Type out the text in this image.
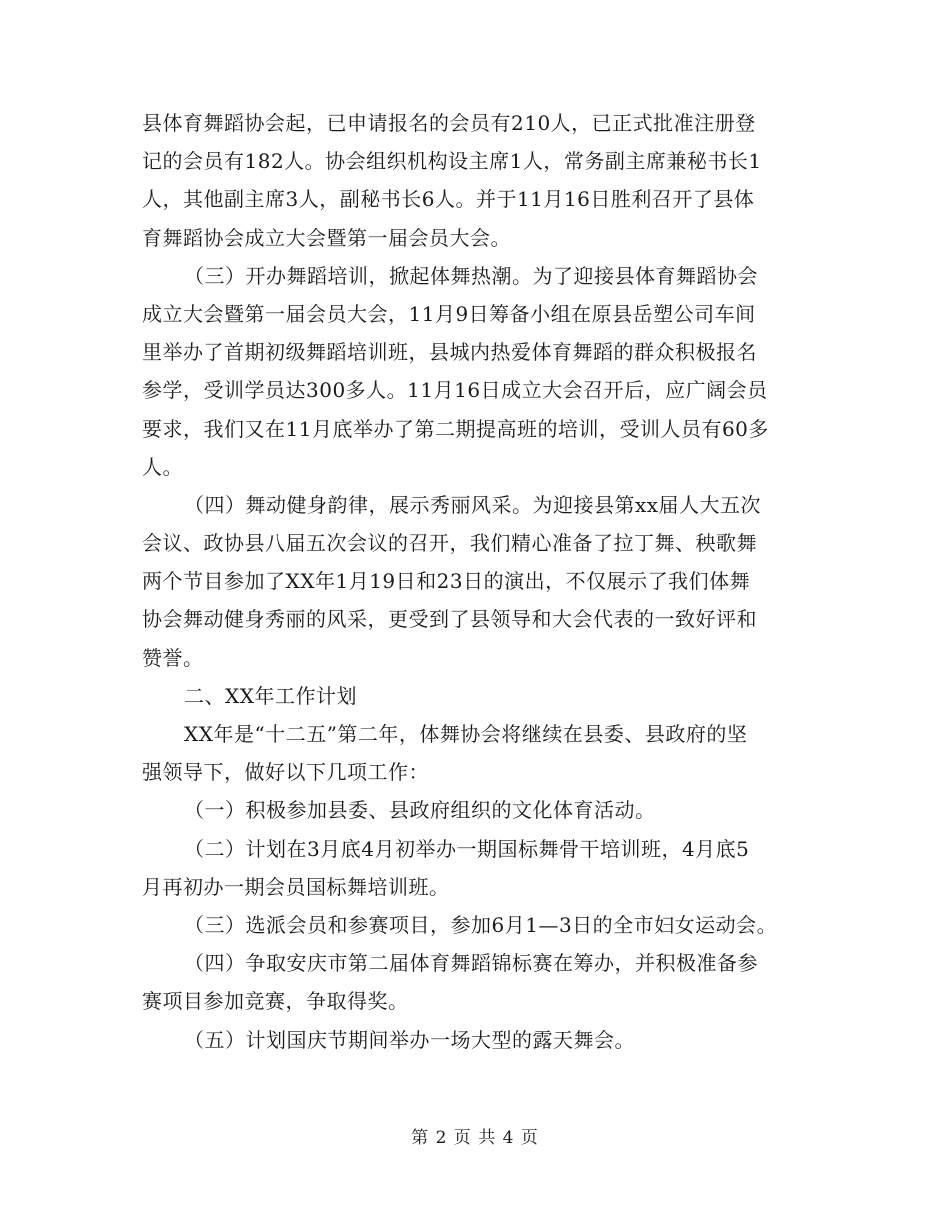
县体育舞蹈协会起，已申请报名的会员有210人，已正式批准注册登
记的会员有182人。协会组织机构设主席1人，常务副主席兼秘书长1
人，其他副主席3人，副秘书长6人。并于11月16日胜利召开了县体
育舞蹈协会成立大会暨第一届会员大会。
（三）开办舞蹈培训，掀起体舞热潮。为了迎接县体育舞蹈协会
成立大会暨第一届会员大会，11月9日筹备小组在原县岳塑公司车间
里举办了首期初级舞蹈培训班，县城内热爱体育舞蹈的群众积极报名
参学，受训学员达300多人。11月16日成立大会召开后，应广阔会员
要求，我们又在11月底举办了第二期提高班的培训，受训人员有60多
人。
（四）舞动健身韵律，展示秀丽风采。为迎接县第xx届人大五次
会议、政协县八届五次会议的召开，我们精心准备了拉丁舞、秧歌舞
两个节目参加了XX年1月19日和23日的演出，不仅展示了我们体舞
协会舞动健身秀丽的风采，更受到了县领导和大会代表的一致好评和
赞誉。
二、XX年工作计划
XX年是“十二五”第二年，体舞协会将继续在县委、县政府的坚
强领导下，做好以下几项工作：
（一）积极参加县委、县政府组织的文化体育活动。
（二）计划在3月底4月初举办一期国标舞骨干培训班，4月底5
月再初办一期会员国标舞培训班。
（三）选派会员和参赛项目，参加6月1—3日的全市妇女运动会。
（四）争取安庆市第二届体育舞蹈锦标赛在筹办，并积极准备参
赛项目参加竞赛，争取得奖。
（五）计划国庆节期间举办一场大型的露天舞会。
第 2 页 共 4 页
